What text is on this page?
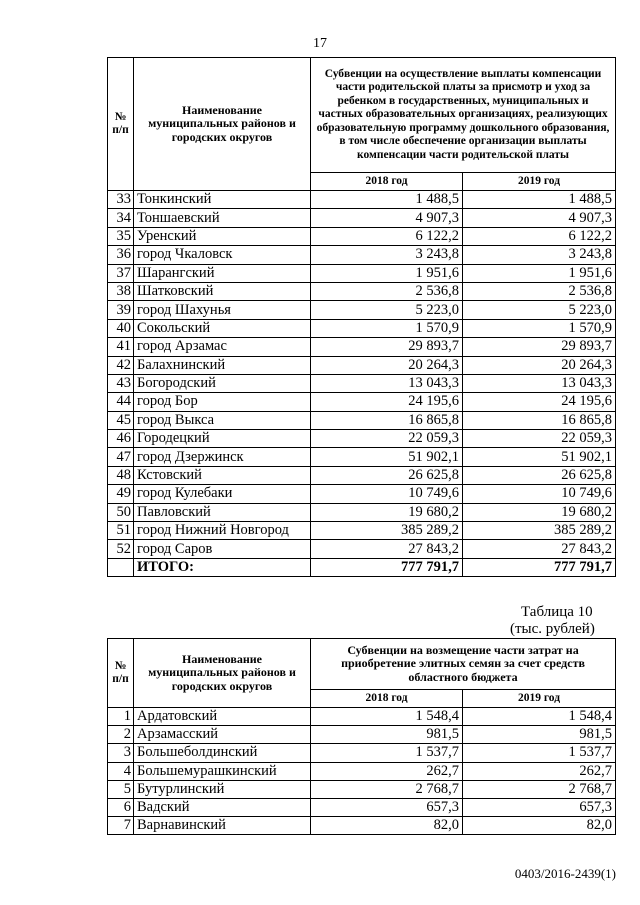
17
№ п/п	Наименование муниципальных районов и городских округов	Субвенции на осуществление выплаты компенсации части родительской платы за присмотр и уход за ребенком в государственных, муниципальных и частных образовательных организациях, реализующих образовательную программу дошкольного образования, в том числе обеспечение организации выплаты компенсации части родительской платы	
		2018 год	2019 год
33	Тонкинский	1 488,5	1 488,5
34	Тоншаевский	4 907,3	4 907,3
35	Уренский	6 122,2	6 122,2
36	город Чкаловск	3 243,8	3 243,8
37	Шарангский	1 951,6	1 951,6
38	Шатковский	2 536,8	2 536,8
39	город Шахунья	5 223,0	5 223,0
40	Сокольский	1 570,9	1 570,9
41	город Арзамас	29 893,7	29 893,7
42	Балахнинский	20 264,3	20 264,3
43	Богородский	13 043,3	13 043,3
44	город Бор	24 195,6	24 195,6
45	город Выкса	16 865,8	16 865,8
46	Городецкий	22 059,3	22 059,3
47	город Дзержинск	51 902,1	51 902,1
48	Кстовский	26 625,8	26 625,8
49	город Кулебаки	10 749,6	10 749,6
50	Павловский	19 680,2	19 680,2
51	город Нижний Новгород	385 289,2	385 289,2
52	город Саров	27 843,2	27 843,2
	ИТОГО:	777 791,7	777 791,7
Таблица 10
(тыс. рублей)
№ п/п	Наименование муниципальных районов и городских округов	Субвенции на возмещение части затрат на приобретение элитных семян за счет средств областного бюджета	
		2018 год	2019 год
1	Ардатовский	1 548,4	1 548,4
2	Арзамасский	981,5	981,5
3	Большеболдинский	1 537,7	1 537,7
4	Большемурашкинский	262,7	262,7
5	Бутурлинский	2 768,7	2 768,7
6	Вадский	657,3	657,3
7	Варнавинский	82,0	82,0
0403/2016-2439(1)
